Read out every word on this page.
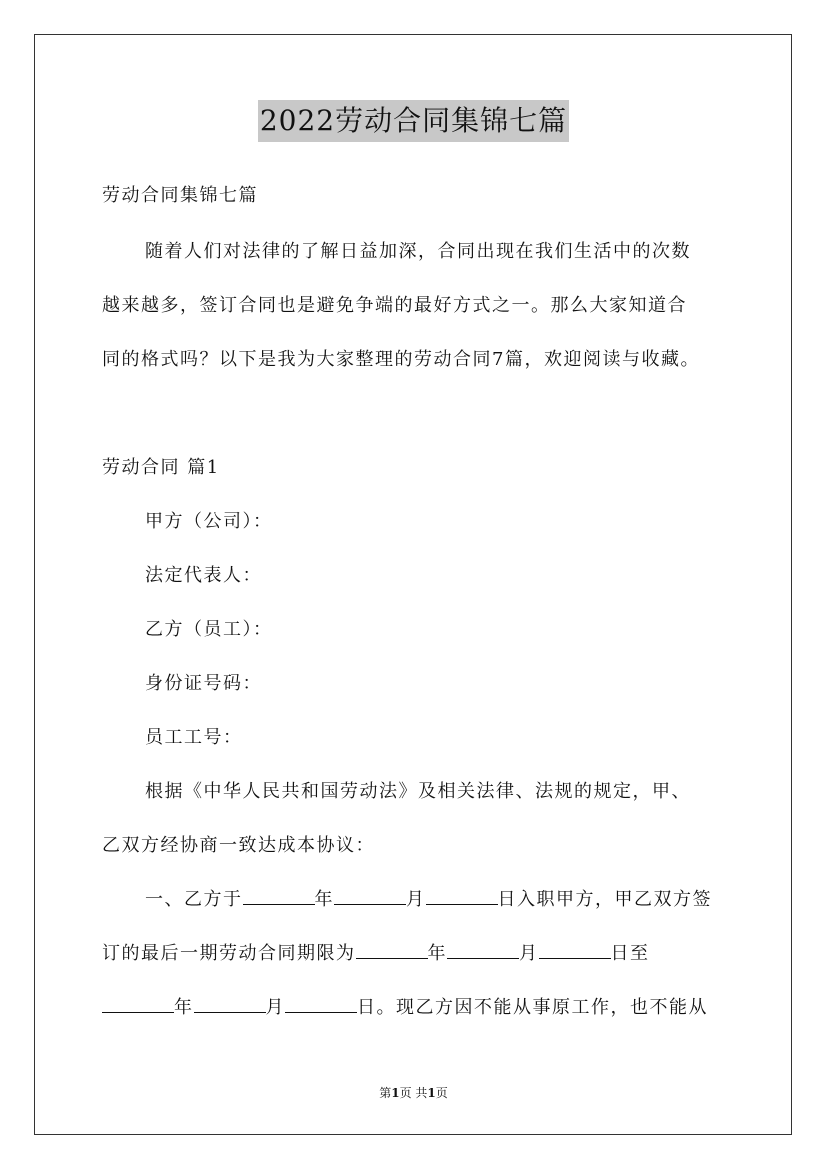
2022劳动合同集锦七篇
劳动合同集锦七篇
随着人们对法律的了解日益加深，合同出现在我们生活中的次数
越来越多，签订合同也是避免争端的最好方式之一。那么大家知道合
同的格式吗？以下是我为大家整理的劳动合同7篇，欢迎阅读与收藏。
劳动合同 篇1
甲方（公司）：
法定代表人：
乙方（员工）：
身份证号码：
员工工号：
根据《中华人民共和国劳动法》及相关法律、法规的规定，甲、
乙双方经协商一致达成本协议：
一、乙方于	年	月	日入职甲方，甲乙双方签
订的最后一期劳动合同期限为	年	月	日至
年	月	日。现乙方因不能从事原工作，也不能从
第1页 共1页
